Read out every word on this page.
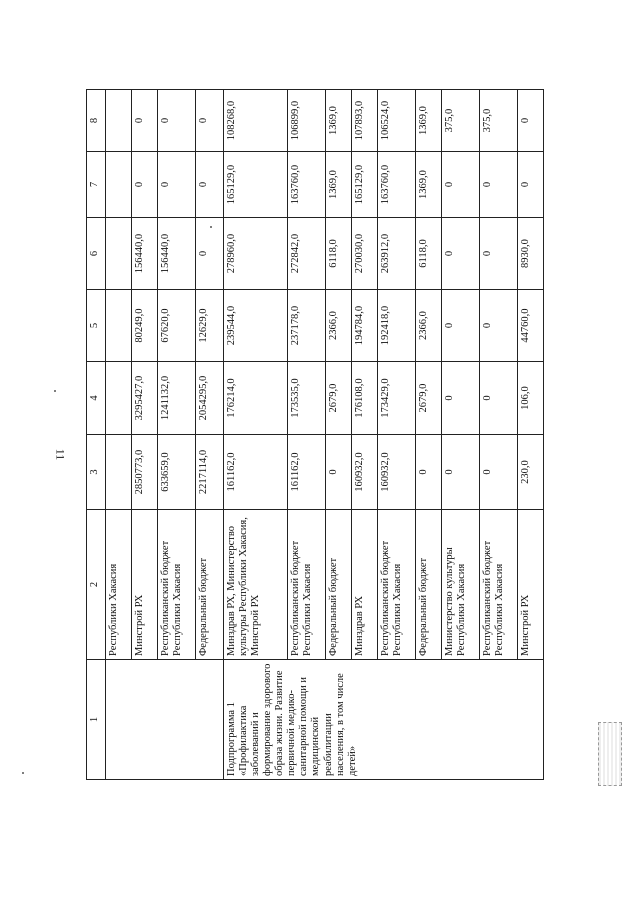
11
1	2	3	4	5	6	7	8
	Республики Хакасия						
	Минстрой РХ	2850773,0	3295427,0	80249,0	156440,0	0	0
	Республиканский бюджет Республики Хакасия	633659,0	1241132,0	67620,0	156440,0	0	0
	Федеральный бюджет	2217114,0	2054295,0	12629,0	0	0	0
Подпрограмма 1 «Профилактика заболеваний и формирование здорового образа жизни. Развитие первичной медико-санитарной помощи и медицинской реабилитации населения, в том числе детей»	Минздрав РХ, Министерство культуры Республики Хакасия, Минстрой РХ	161162,0	176214,0	239544,0	278960,0	165129,0	108268,0
	Республиканский бюджет Республики Хакасия	161162,0	173535,0	237178,0	272842,0	163760,0	106899,0
	Федеральный бюджет	0	2679,0	2366,0	6118,0	1369,0	1369,0
	Минздрав РХ	160932,0	176108,0	194784,0	270030,0	165129,0	107893,0
	Республиканский бюджет Республики Хакасия	160932,0	173429,0	192418,0	263912,0	163760,0	106524,0
	Федеральный бюджет	0	2679,0	2366,0	6118,0	1369,0	1369,0
	Министерство культуры Республики Хакасия	0	0	0	0	0	375,0
	Республиканский бюджет Республики Хакасия	0	0	0	0	0	375,0
	Минстрой РХ	230,0	106,0	44760,0	8930,0	0	0
